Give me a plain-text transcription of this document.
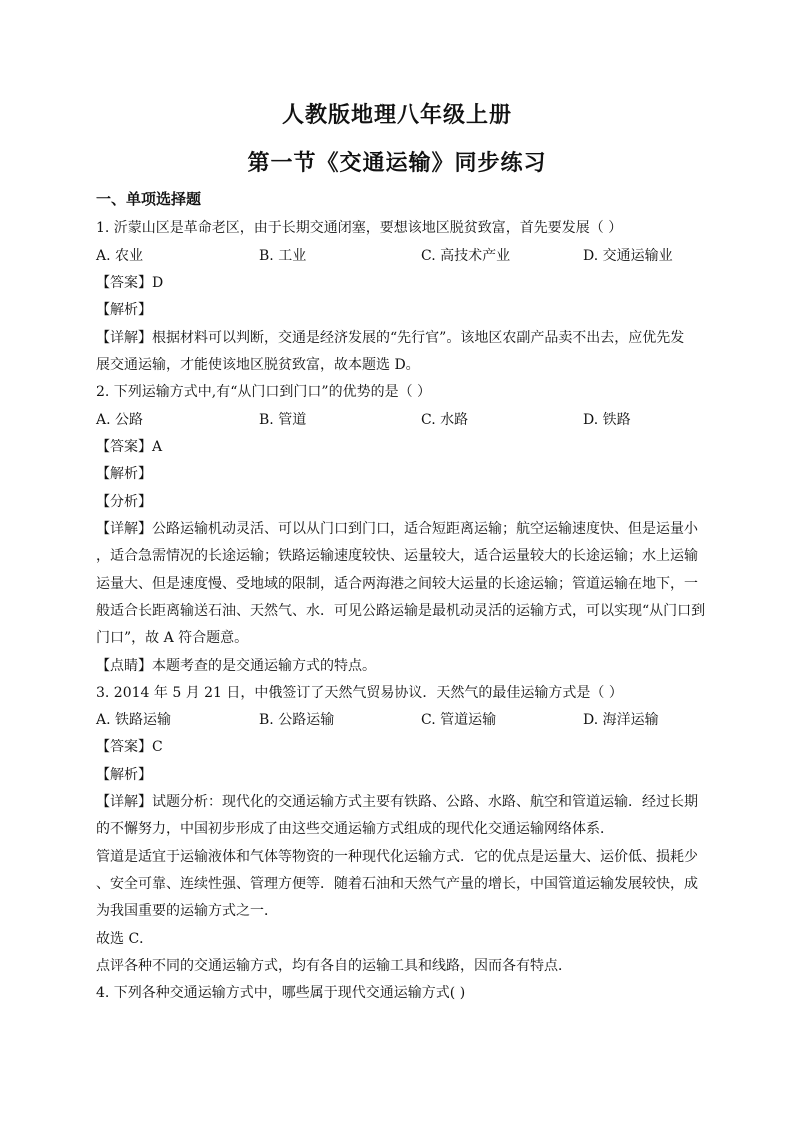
人教版地理八年级上册
第一节《交通运输》同步练习
一、单项选择题
1. 沂蒙山区是革命老区，由于长期交通闭塞，要想该地区脱贫致富，首先要发展（ ）
A. 农业	B. 工业	C. 高技术产业	D. 交通运输业
【答案】D
【解析】
【详解】根据材料可以判断，交通是经济发展的“先行官”。该地区农副产品卖不出去，应优先发
展交通运输，才能使该地区脱贫致富，故本题选 D。
2. 下列运输方式中,有“从门口到门口”的优势的是（ ）
A. 公路	B. 管道	C. 水路	D. 铁路
【答案】A
【解析】
【分析】
【详解】公路运输机动灵活、可以从门口到门口，适合短距离运输；航空运输速度快、但是运量小
，适合急需情况的长途运输；铁路运输速度较快、运量较大，适合运量较大的长途运输；水上运输
运量大、但是速度慢、受地域的限制，适合两海港之间较大运量的长途运输；管道运输在地下，一
般适合长距离输送石油、天然气、水．可见公路运输是最机动灵活的运输方式，可以实现“从门口到
门口”，故 A 符合题意。
【点睛】本题考查的是交通运输方式的特点。
3. 2014 年 5 月 21 日，中俄签订了天然气贸易协议．天然气的最佳运输方式是（ ）
A. 铁路运输	B. 公路运输	C. 管道运输	D. 海洋运输
【答案】C
【解析】
【详解】试题分析：现代化的交通运输方式主要有铁路、公路、水路、航空和管道运输．经过长期
的不懈努力，中国初步形成了由这些交通运输方式组成的现代化交通运输网络体系．
管道是适宜于运输液体和气体等物资的一种现代化运输方式．它的优点是运量大、运价低、损耗少
、安全可靠、连续性强、管理方便等．随着石油和天然气产量的增长，中国管道运输发展较快，成
为我国重要的运输方式之一．
故选 C．
点评各种不同的交通运输方式，均有各自的运输工具和线路，因而各有特点．
4. 下列各种交通运输方式中，哪些属于现代交通运输方式( )
